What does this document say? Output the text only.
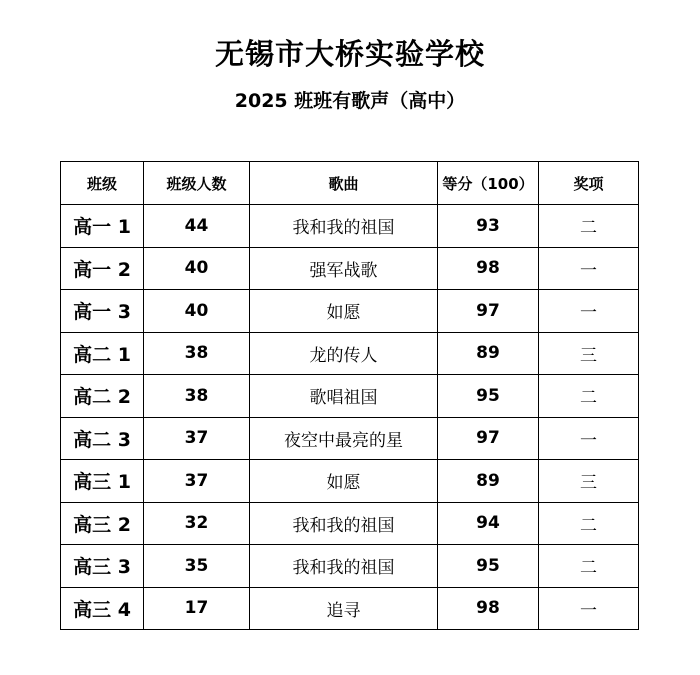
无锡市大桥实验学校
2025 班班有歌声（高中）
班级	班级人数	歌曲	等分（100）	奖项
高一 1	44	我和我的祖国	93	二
高一 2	40	强军战歌	98	一
高一 3	40	如愿	97	一
高二 1	38	龙的传人	89	三
高二 2	38	歌唱祖国	95	二
高二 3	37	夜空中最亮的星	97	一
高三 1	37	如愿	89	三
高三 2	32	我和我的祖国	94	二
高三 3	35	我和我的祖国	95	二
高三 4	17	追寻	98	一
